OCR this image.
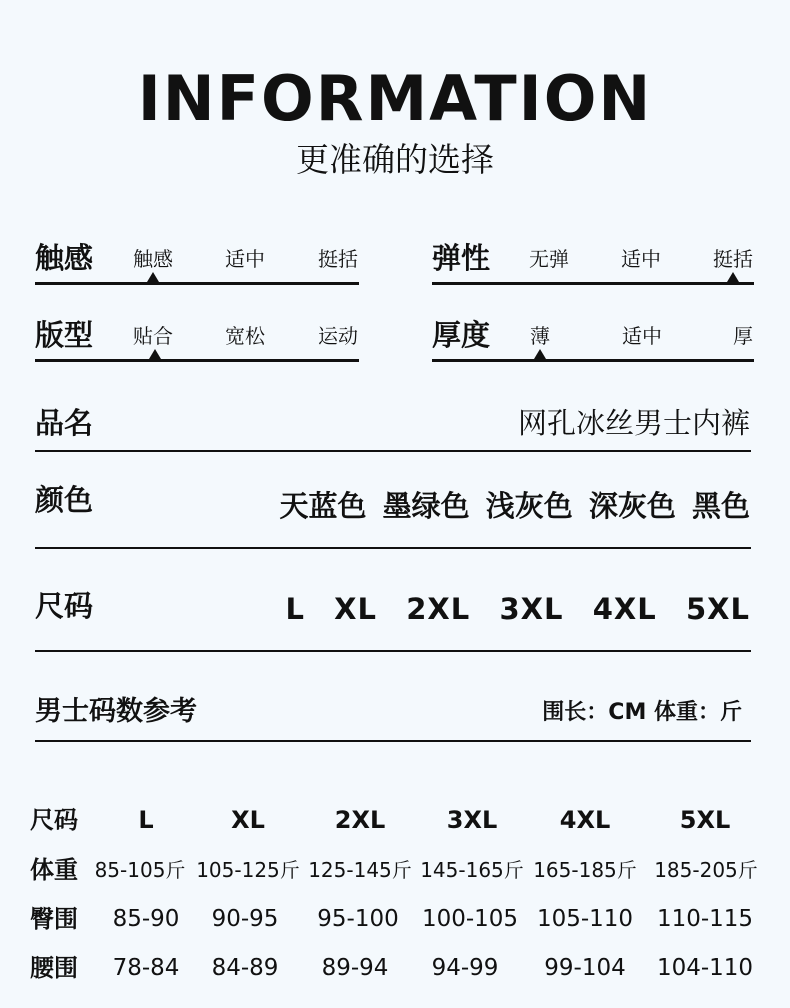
INFORMATION
更准确的选择
触感 触感	适中	挺括	弹性 无弹	适中	挺括
版型 贴合	宽松	运动	厚度 薄	适中	厚
品名	网孔冰丝男士内裤
颜色	天蓝色 墨绿色 浅灰色 深灰色 黑色
尺码	L XL 2XL 3XL 4XL 5XL
男士码数参考	围长：CM 体重：斤
尺码	L	XL	2XL	3XL	4XL	5XL
体重 85-105斤 105-125斤 125-145斤 145-165斤 165-185斤 185-205斤
臀围 85-90 90-95 95-100 100-105 105-110 110-115
腰围 78-84 84-89 89-94 94-99 99-104 104-110
